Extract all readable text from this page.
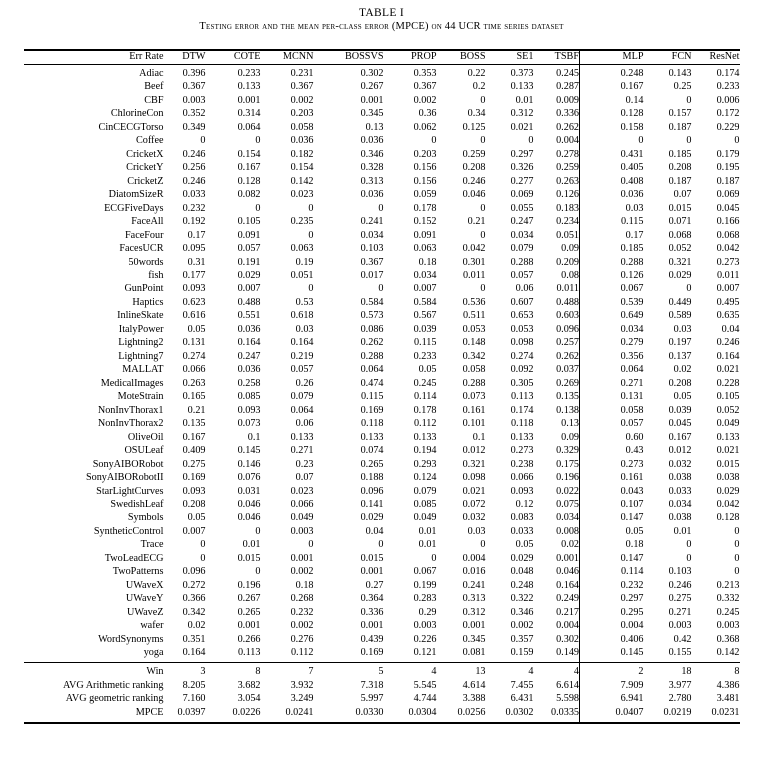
TABLE I
Testing error and the mean per-class error (MPCE) on 44 UCR time series dataset
Err Rate	DTW	COTE	MCNN	BOSSVS	PROP	BOSS	SE1	TSBF	MLP	FCN	ResNet
Adiac	0.396	0.233	0.231	0.302	0.353	0.22	0.373	0.245	0.248	0.143	0.174
Beef	0.367	0.133	0.367	0.267	0.367	0.2	0.133	0.287	0.167	0.25	0.233
CBF	0.003	0.001	0.002	0.001	0.002	0	0.01	0.009	0.14	0	0.006
ChlorineCon	0.352	0.314	0.203	0.345	0.36	0.34	0.312	0.336	0.128	0.157	0.172
CinCECGTorso	0.349	0.064	0.058	0.13	0.062	0.125	0.021	0.262	0.158	0.187	0.229
Coffee	0	0	0.036	0.036	0	0	0	0.004	0	0	0
CricketX	0.246	0.154	0.182	0.346	0.203	0.259	0.297	0.278	0.431	0.185	0.179
CricketY	0.256	0.167	0.154	0.328	0.156	0.208	0.326	0.259	0.405	0.208	0.195
CricketZ	0.246	0.128	0.142	0.313	0.156	0.246	0.277	0.263	0.408	0.187	0.187
DiatomSizeR	0.033	0.082	0.023	0.036	0.059	0.046	0.069	0.126	0.036	0.07	0.069
ECGFiveDays	0.232	0	0	0	0.178	0	0.055	0.183	0.03	0.015	0.045
FaceAll	0.192	0.105	0.235	0.241	0.152	0.21	0.247	0.234	0.115	0.071	0.166
FaceFour	0.17	0.091	0	0.034	0.091	0	0.034	0.051	0.17	0.068	0.068
FacesUCR	0.095	0.057	0.063	0.103	0.063	0.042	0.079	0.09	0.185	0.052	0.042
50words	0.31	0.191	0.19	0.367	0.18	0.301	0.288	0.209	0.288	0.321	0.273
fish	0.177	0.029	0.051	0.017	0.034	0.011	0.057	0.08	0.126	0.029	0.011
GunPoint	0.093	0.007	0	0	0.007	0	0.06	0.011	0.067	0	0.007
Haptics	0.623	0.488	0.53	0.584	0.584	0.536	0.607	0.488	0.539	0.449	0.495
InlineSkate	0.616	0.551	0.618	0.573	0.567	0.511	0.653	0.603	0.649	0.589	0.635
ItalyPower	0.05	0.036	0.03	0.086	0.039	0.053	0.053	0.096	0.034	0.03	0.04
Lightning2	0.131	0.164	0.164	0.262	0.115	0.148	0.098	0.257	0.279	0.197	0.246
Lightning7	0.274	0.247	0.219	0.288	0.233	0.342	0.274	0.262	0.356	0.137	0.164
MALLAT	0.066	0.036	0.057	0.064	0.05	0.058	0.092	0.037	0.064	0.02	0.021
MedicalImages	0.263	0.258	0.26	0.474	0.245	0.288	0.305	0.269	0.271	0.208	0.228
MoteStrain	0.165	0.085	0.079	0.115	0.114	0.073	0.113	0.135	0.131	0.05	0.105
NonInvThorax1	0.21	0.093	0.064	0.169	0.178	0.161	0.174	0.138	0.058	0.039	0.052
NonInvThorax2	0.135	0.073	0.06	0.118	0.112	0.101	0.118	0.13	0.057	0.045	0.049
OliveOil	0.167	0.1	0.133	0.133	0.133	0.1	0.133	0.09	0.60	0.167	0.133
OSULeaf	0.409	0.145	0.271	0.074	0.194	0.012	0.273	0.329	0.43	0.012	0.021
SonyAIBORobot	0.275	0.146	0.23	0.265	0.293	0.321	0.238	0.175	0.273	0.032	0.015
SonyAIBORobotII	0.169	0.076	0.07	0.188	0.124	0.098	0.066	0.196	0.161	0.038	0.038
StarLightCurves	0.093	0.031	0.023	0.096	0.079	0.021	0.093	0.022	0.043	0.033	0.029
SwedishLeaf	0.208	0.046	0.066	0.141	0.085	0.072	0.12	0.075	0.107	0.034	0.042
Symbols	0.05	0.046	0.049	0.029	0.049	0.032	0.083	0.034	0.147	0.038	0.128
SyntheticControl	0.007	0	0.003	0.04	0.01	0.03	0.033	0.008	0.05	0.01	0
Trace	0	0.01	0	0	0.01	0	0.05	0.02	0.18	0	0
TwoLeadECG	0	0.015	0.001	0.015	0	0.004	0.029	0.001	0.147	0	0
TwoPatterns	0.096	0	0.002	0.001	0.067	0.016	0.048	0.046	0.114	0.103	0
UWaveX	0.272	0.196	0.18	0.27	0.199	0.241	0.248	0.164	0.232	0.246	0.213
UWaveY	0.366	0.267	0.268	0.364	0.283	0.313	0.322	0.249	0.297	0.275	0.332
UWaveZ	0.342	0.265	0.232	0.336	0.29	0.312	0.346	0.217	0.295	0.271	0.245
wafer	0.02	0.001	0.002	0.001	0.003	0.001	0.002	0.004	0.004	0.003	0.003
WordSynonyms	0.351	0.266	0.276	0.439	0.226	0.345	0.357	0.302	0.406	0.42	0.368
yoga	0.164	0.113	0.112	0.169	0.121	0.081	0.159	0.149	0.145	0.155	0.142
Win	3	8	7	5	4	13	4	4	2	18	8
AVG Arithmetic ranking	8.205	3.682	3.932	7.318	5.545	4.614	7.455	6.614	7.909	3.977	4.386
AVG geometric ranking	7.160	3.054	3.249	5.997	4.744	3.388	6.431	5.598	6.941	2.780	3.481
MPCE	0.0397	0.0226	0.0241	0.0330	0.0304	0.0256	0.0302	0.0335	0.0407	0.0219	0.0231
